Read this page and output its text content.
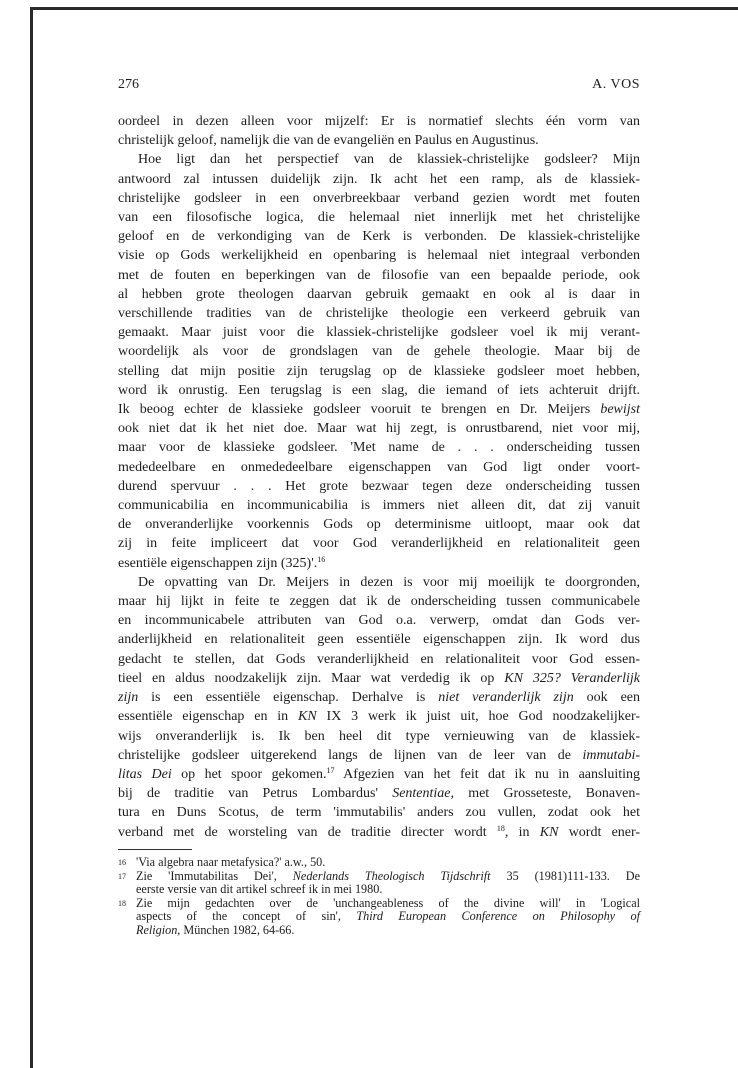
276	A. VOS
oordeel in dezen alleen voor mijzelf: Er is normatief slechts één vorm van
christelijk geloof, namelijk die van de evangeliën en Paulus en Augustinus.
Hoe ligt dan het perspectief van de klassiek-christelijke godsleer? Mijn
antwoord zal intussen duidelijk zijn. Ik acht het een ramp, als de klassiek-
christelijke godsleer in een onverbreekbaar verband gezien wordt met fouten
van een filosofische logica, die helemaal niet innerlijk met het christelijke
geloof en de verkondiging van de Kerk is verbonden. De klassiek-christelijke
visie op Gods werkelijkheid en openbaring is helemaal niet integraal verbonden
met de fouten en beperkingen van de filosofie van een bepaalde periode, ook
al hebben grote theologen daarvan gebruik gemaakt en ook al is daar in
verschillende tradities van de christelijke theologie een verkeerd gebruik van
gemaakt. Maar juist voor die klassiek-christelijke godsleer voel ik mij verant-
woordelijk als voor de grondslagen van de gehele theologie. Maar bij de
stelling dat mijn positie zijn terugslag op de klassieke godsleer moet hebben,
word ik onrustig. Een terugslag is een slag, die iemand of iets achteruit drijft.
Ik beoog echter de klassieke godsleer vooruit te brengen en Dr. Meijers bewijst
ook niet dat ik het niet doe. Maar wat hij zegt, is onrustbarend, niet voor mij,
maar voor de klassieke godsleer. 'Met name de . . . onderscheiding tussen
mededeelbare en onmededeelbare eigenschappen van God ligt onder voort-
durend spervuur . . . Het grote bezwaar tegen deze onderscheiding tussen
communicabilia en incommunicabilia is immers niet alleen dit, dat zij vanuit
de onveranderlijke voorkennis Gods op determinisme uitloopt, maar ook dat
zij in feite impliceert dat voor God veranderlijkheid en relationaliteit geen
esentiële eigenschappen zijn (325)'.$^{16}$
De opvatting van Dr. Meijers in dezen is voor mij moeilijk te doorgronden,
maar hij lijkt in feite te zeggen dat ik de onderscheiding tussen communicabele
en incommunicabele attributen van God o.a. verwerp, omdat dan Gods ver-
anderlijkheid en relationaliteit geen essentiële eigenschappen zijn. Ik word dus
gedacht te stellen, dat Gods veranderlijkheid en relationaliteit voor God essen-
tieel en aldus noodzakelijk zijn. Maar wat verdedig ik op KN 325? Veranderlijk
zijn is een essentiële eigenschap. Derhalve is niet veranderlijk zijn ook een
essentiële eigenschap en in KN IX 3 werk ik juist uit, hoe God noodzakelijker-
wijs onveranderlijk is. Ik ben heel dit type vernieuwing van de klassiek-
christelijke godsleer uitgerekend langs de lijnen van de leer van de immutabi-
litas Dei op het spoor gekomen.$^{17}$ Afgezien van het feit dat ik nu in aansluiting
bij de traditie van Petrus Lombardus' Sententiae, met Grosseteste, Bonaven-
tura en Duns Scotus, de term 'immutabilis' anders zou vullen, zodat ook het
verband met de worsteling van de traditie directer wordt $^{18}$, in KN wordt ener-
16 'Via algebra naar metafysica?' a.w., 50.
17 Zie 'Immutabilitas Dei', Nederlands Theologisch Tijdschrift 35 (1981)111-133. De
eerste versie van dit artikel schreef ik in mei 1980.
18 Zie mijn gedachten over de 'unchangeableness of the divine will' in 'Logical
aspects of the concept of sin', Third European Conference on Philosophy of
Religion, München 1982, 64-66.
